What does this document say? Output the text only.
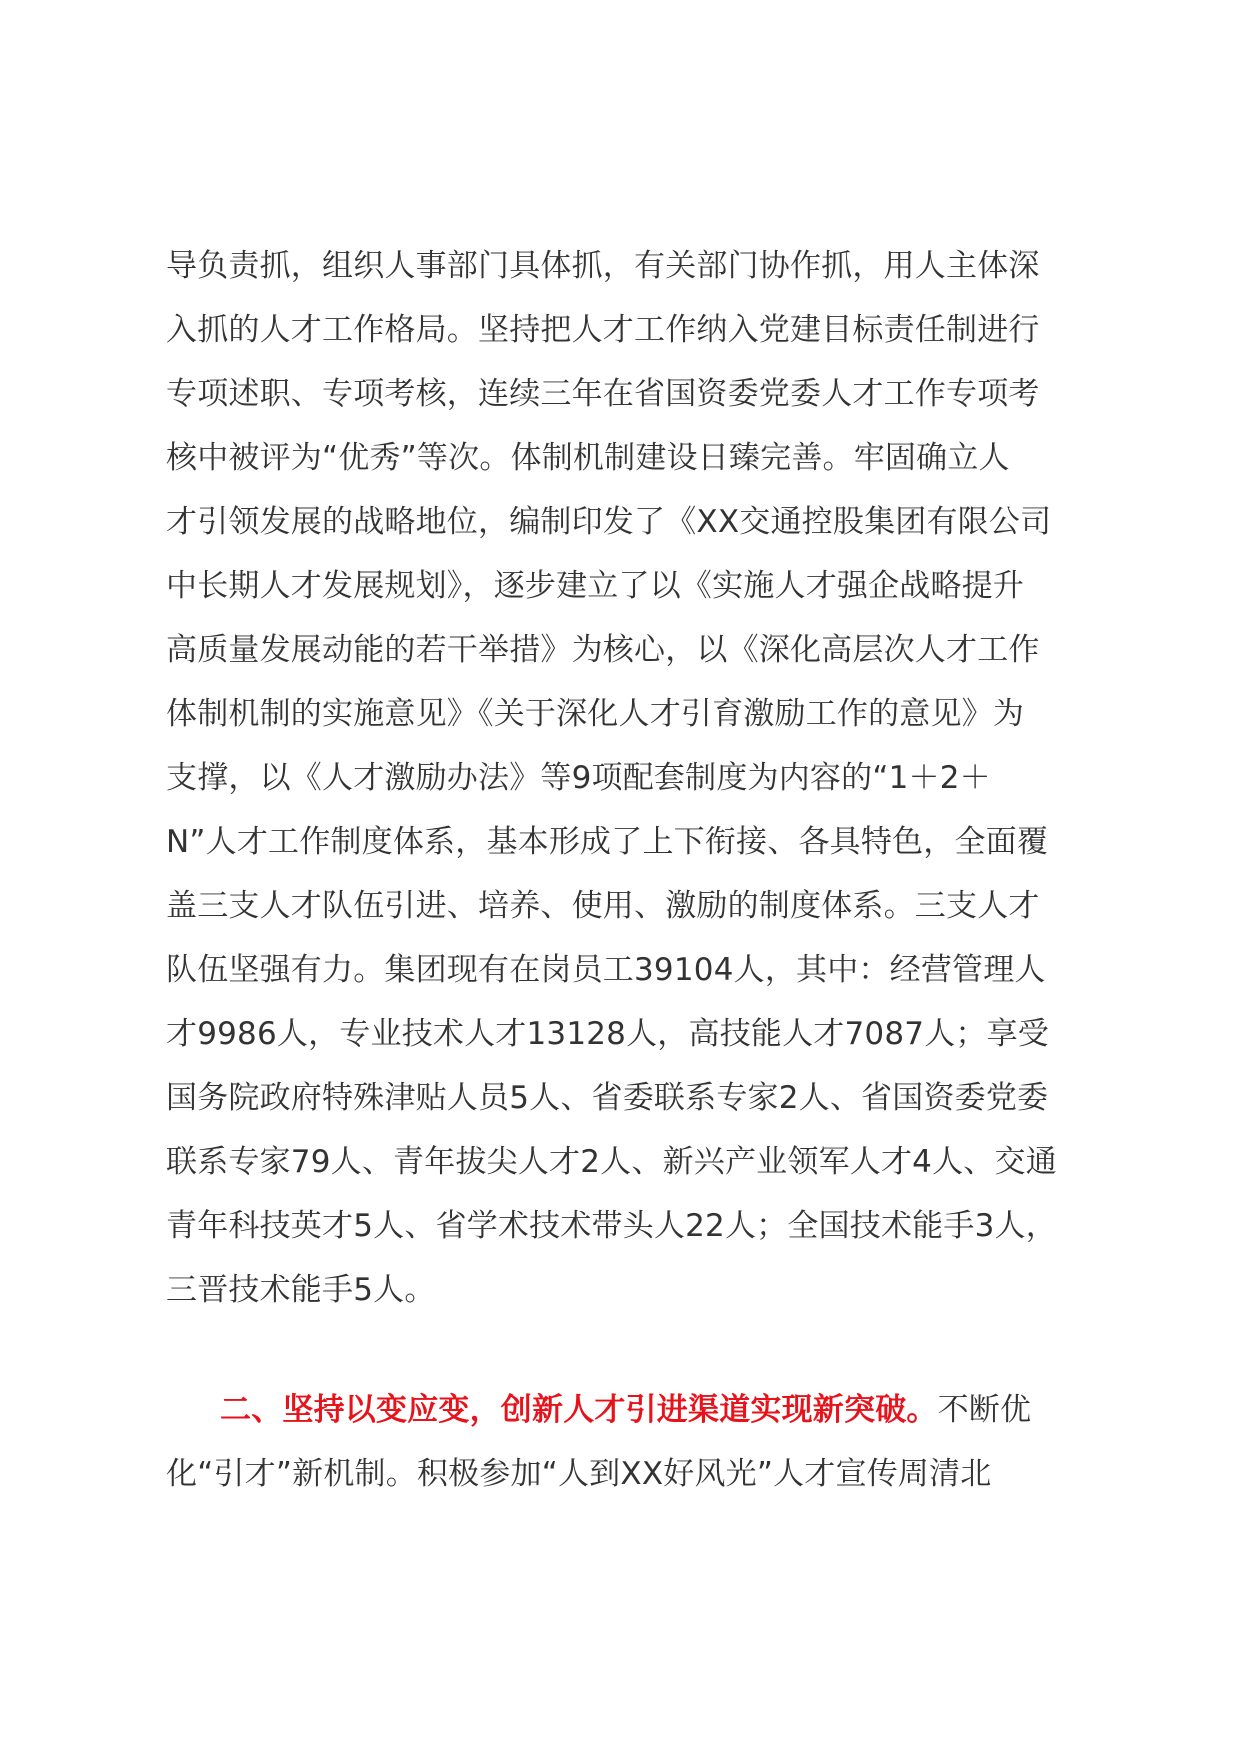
导负责抓，组织人事部门具体抓，有关部门协作抓，用人主体深
入抓的人才工作格局。坚持把人才工作纳入党建目标责任制进行
专项述职、专项考核，连续三年在省国资委党委人才工作专项考
核中被评为“优秀”等次。体制机制建设日臻完善。牢固确立人
才引领发展的战略地位，编制印发了《XX交通控股集团有限公司
中长期人才发展规划》，逐步建立了以《实施人才强企战略提升
高质量发展动能的若干举措》为核心，以《深化高层次人才工作
体制机制的实施意见》《关于深化人才引育激励工作的意见》为
支撑，以《人才激励办法》等9项配套制度为内容的“1＋2＋
N”人才工作制度体系，基本形成了上下衔接、各具特色，全面覆
盖三支人才队伍引进、培养、使用、激励的制度体系。三支人才
队伍坚强有力。集团现有在岗员工39104人，其中：经营管理人
才9986人，专业技术人才13128人，高技能人才7087人；享受
国务院政府特殊津贴人员5人、省委联系专家2人、省国资委党委
联系专家79人、青年拔尖人才2人、新兴产业领军人才4人、交通
青年科技英才5人、省学术技术带头人22人；全国技术能手3人，
三晋技术能手5人。
二、坚持以变应变，创新人才引进渠道实现新突破。不断优
化“引才”新机制。积极参加“人到XX好风光”人才宣传周清北
